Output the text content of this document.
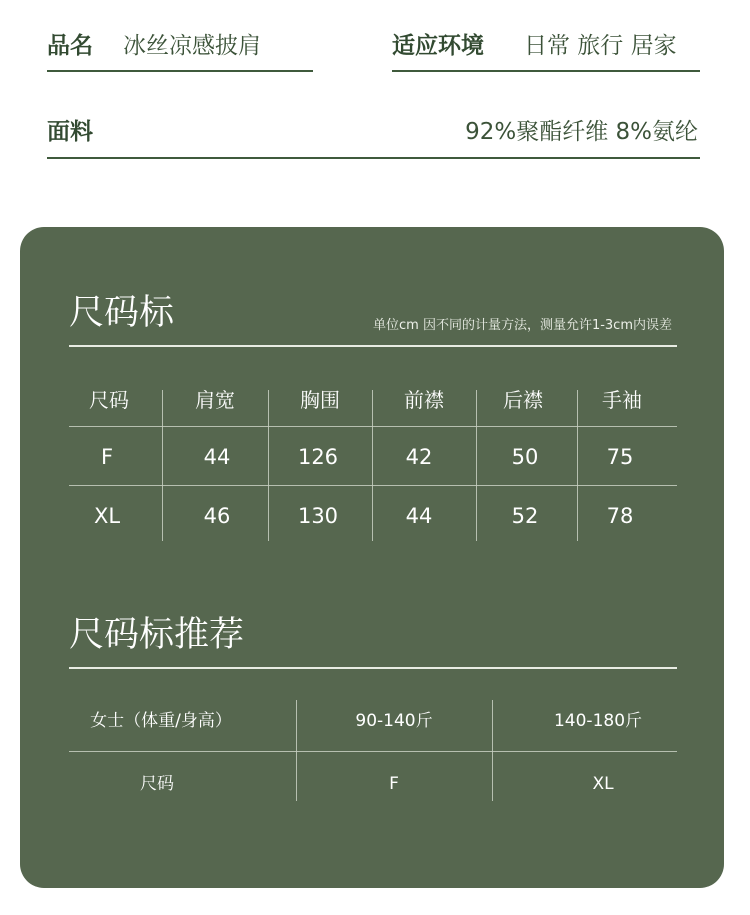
品名 冰丝凉感披肩	适应环境 日常 旅行 居家
面料	92%聚酯纤维 8%氨纶
尺码标	单位cm 因不同的计量方法，测量允许1-3cm内误差
尺码	肩宽	胸围	前襟	后襟	手袖
F	44	126	42	50	75
XL	46	130	44	52	78
尺码标推荐
女士（体重/身高）	90-140斤	140-180斤
尺码	F	XL
